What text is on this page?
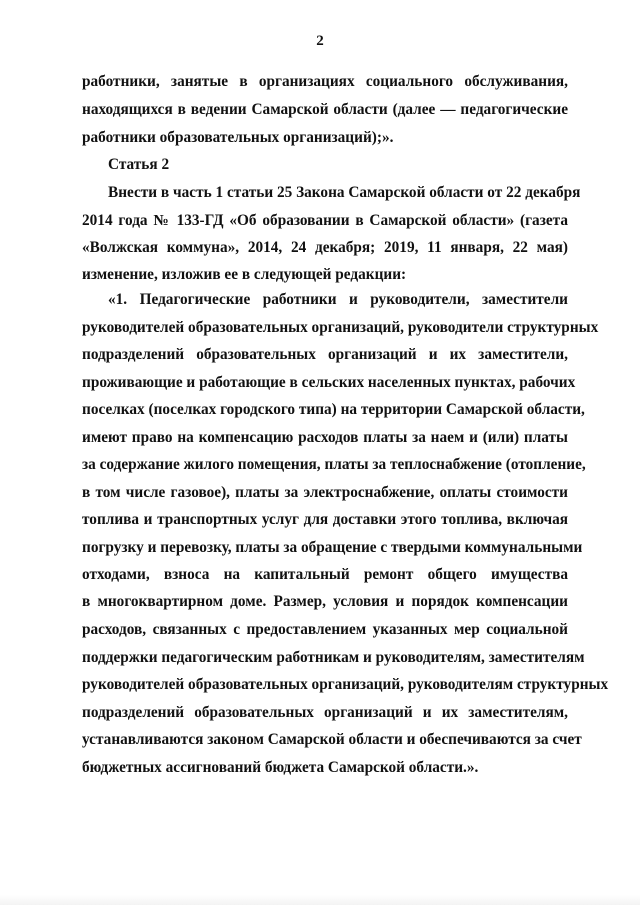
2
работники, занятые в организациях социального обслуживания,
находящихся в ведении Самарской области (далее — педагогические
работники образовательных организаций);».
Статья 2
Внести в часть 1 статьи 25 Закона Самарской области от 22 декабря
2014 года № 133-ГД «Об образовании в Самарской области» (газета
«Волжская коммуна», 2014, 24 декабря; 2019, 11 января, 22 мая)
изменение, изложив ее в следующей редакции:
«1. Педагогические работники и руководители, заместители
руководителей образовательных организаций, руководители структурных
подразделений образовательных организаций и их заместители,
проживающие и работающие в сельских населенных пунктах, рабочих
поселках (поселках городского типа) на территории Самарской области,
имеют право на компенсацию расходов платы за наем и (или) платы
за содержание жилого помещения, платы за теплоснабжение (отопление,
в том числе газовое), платы за электроснабжение, оплаты стоимости
топлива и транспортных услуг для доставки этого топлива, включая
погрузку и перевозку, платы за обращение с твердыми коммунальными
отходами, взноса на капитальный ремонт общего имущества
в многоквартирном доме. Размер, условия и порядок компенсации
расходов, связанных с предоставлением указанных мер социальной
поддержки педагогическим работникам и руководителям, заместителям
руководителей образовательных организаций, руководителям структурных
подразделений образовательных организаций и их заместителям,
устанавливаются законом Самарской области и обеспечиваются за счет
бюджетных ассигнований бюджета Самарской области.».
